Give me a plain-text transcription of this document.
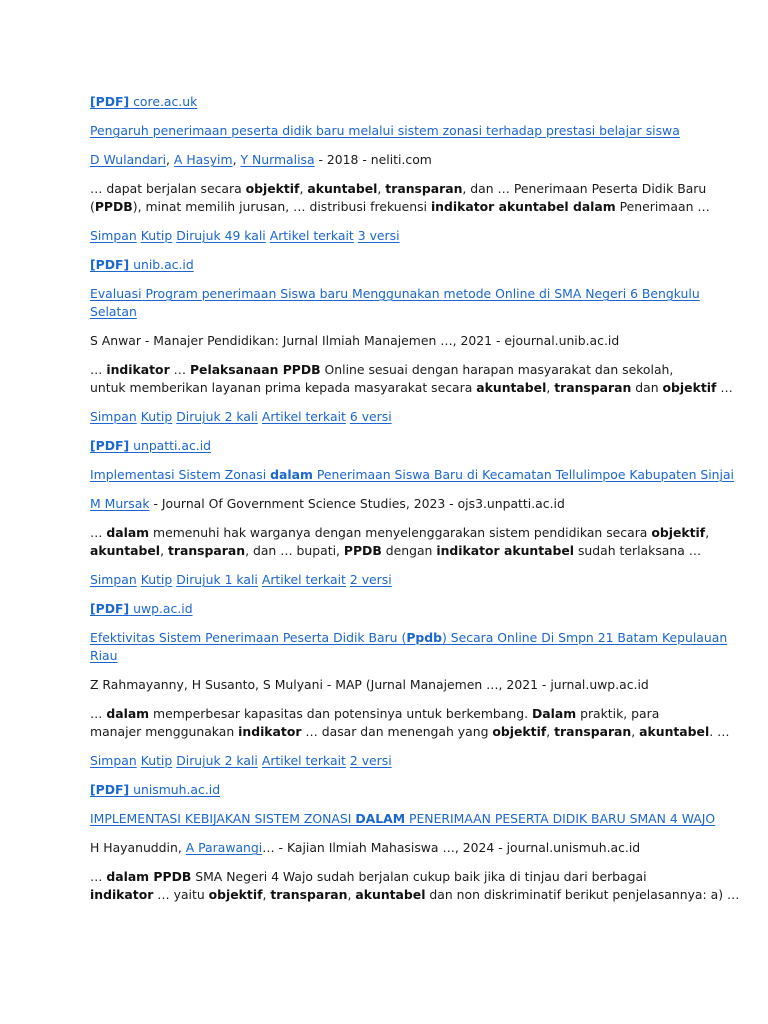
[PDF] core.ac.uk
Pengaruh penerimaan peserta didik baru melalui sistem zonasi terhadap prestasi belajar siswa
D Wulandari, A Hasyim, Y Nurmalisa - 2018 - neliti.com
… dapat berjalan secara objektif, akuntabel, transparan, dan … Penerimaan Peserta Didik Baru
(PPDB), minat memilih jurusan, … distribusi frekuensi indikator akuntabel dalam Penerimaan …
Simpan Kutip Dirujuk 49 kali Artikel terkait 3 versi
[PDF] unib.ac.id
Evaluasi Program penerimaan Siswa baru Menggunakan metode Online di SMA Negeri 6 Bengkulu
Selatan
S Anwar - Manajer Pendidikan: Jurnal Ilmiah Manajemen …, 2021 - ejournal.unib.ac.id
… indikator … Pelaksanaan PPDB Online sesuai dengan harapan masyarakat dan sekolah,
untuk memberikan layanan prima kepada masyarakat secara akuntabel, transparan dan objektif …
Simpan Kutip Dirujuk 2 kali Artikel terkait 6 versi
[PDF] unpatti.ac.id
Implementasi Sistem Zonasi dalam Penerimaan Siswa Baru di Kecamatan Tellulimpoe Kabupaten Sinjai
M Mursak - Journal Of Government Science Studies, 2023 - ojs3.unpatti.ac.id
… dalam memenuhi hak warganya dengan menyelenggarakan sistem pendidikan secara objektif,
akuntabel, transparan, dan … bupati, PPDB dengan indikator akuntabel sudah terlaksana …
Simpan Kutip Dirujuk 1 kali Artikel terkait 2 versi
[PDF] uwp.ac.id
Efektivitas Sistem Penerimaan Peserta Didik Baru (Ppdb) Secara Online Di Smpn 21 Batam Kepulauan
Riau
Z Rahmayanny, H Susanto, S Mulyani - MAP (Jurnal Manajemen …, 2021 - jurnal.uwp.ac.id
… dalam memperbesar kapasitas dan potensinya untuk berkembang. Dalam praktik, para
manajer menggunakan indikator … dasar dan menengah yang objektif, transparan, akuntabel. …
Simpan Kutip Dirujuk 2 kali Artikel terkait 2 versi
[PDF] unismuh.ac.id
IMPLEMENTASI KEBIJAKAN SISTEM ZONASI DALAM PENERIMAAN PESERTA DIDIK BARU SMAN 4 WAJO
H Hayanuddin, A Parawangi… - Kajian Ilmiah Mahasiswa …, 2024 - journal.unismuh.ac.id
… dalam PPDB SMA Negeri 4 Wajo sudah berjalan cukup baik jika di tinjau dari berbagai
indikator … yaitu objektif, transparan, akuntabel dan non diskriminatif berikut penjelasannya: a) …
